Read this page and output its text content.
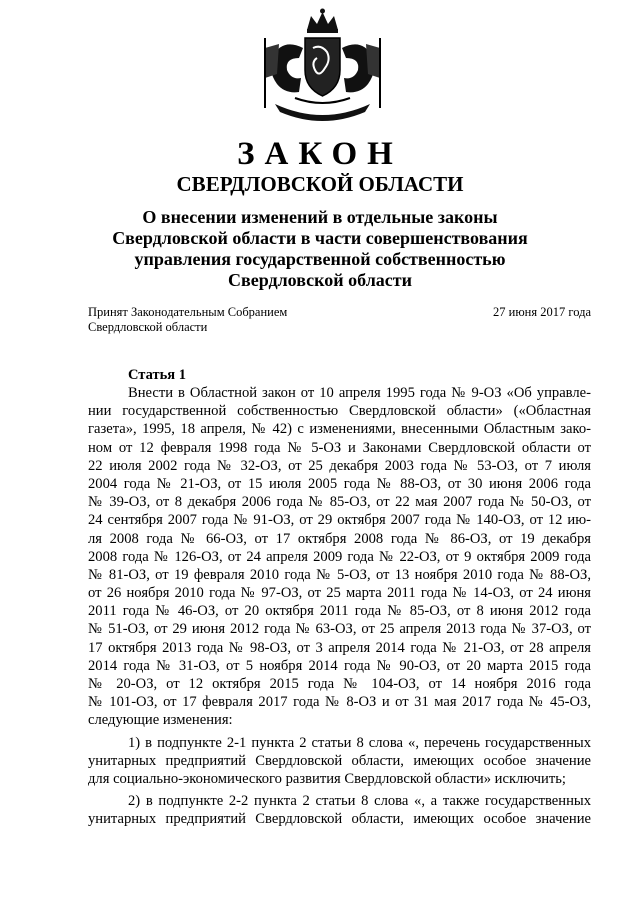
ЗАКОН
СВЕРДЛОВСКОЙ ОБЛАСТИ
О внесении изменений в отдельные законы
Свердловской области в части совершенствования
управления государственной собственностью
Свердловской области
Принят Законодательным Собранием
Свердловской области
27 июня 2017 года
Статья 1
Внести в Областной закон от 10 апреля 1995 года № 9-ОЗ «Об управле-
нии государственной собственностью Свердловской области» («Областная
газета», 1995, 18 апреля, № 42) с изменениями, внесенными Областным зако-
ном от 12 февраля 1998 года № 5-ОЗ и Законами Свердловской области от
22 июля 2002 года № 32-ОЗ, от 25 декабря 2003 года № 53-ОЗ, от 7 июля
2004 года № 21-ОЗ, от 15 июля 2005 года № 88-ОЗ, от 30 июня 2006 года
№ 39-ОЗ, от 8 декабря 2006 года № 85-ОЗ, от 22 мая 2007 года № 50-ОЗ, от
24 сентября 2007 года № 91-ОЗ, от 29 октября 2007 года № 140-ОЗ, от 12 ию-
ля 2008 года № 66-ОЗ, от 17 октября 2008 года № 86-ОЗ, от 19 декабря
2008 года № 126-ОЗ, от 24 апреля 2009 года № 22-ОЗ, от 9 октября 2009 года
№ 81-ОЗ, от 19 февраля 2010 года № 5-ОЗ, от 13 ноября 2010 года № 88-ОЗ,
от 26 ноября 2010 года № 97-ОЗ, от 25 марта 2011 года № 14-ОЗ, от 24 июня
2011 года № 46-ОЗ, от 20 октября 2011 года № 85-ОЗ, от 8 июня 2012 года
№ 51-ОЗ, от 29 июня 2012 года № 63-ОЗ, от 25 апреля 2013 года № 37-ОЗ, от
17 октября 2013 года № 98-ОЗ, от 3 апреля 2014 года № 21-ОЗ, от 28 апреля
2014 года № 31-ОЗ, от 5 ноября 2014 года № 90-ОЗ, от 20 марта 2015 года
№ 20-ОЗ, от 12 октября 2015 года № 104-ОЗ, от 14 ноября 2016 года
№ 101-ОЗ, от 17 февраля 2017 года № 8-ОЗ и от 31 мая 2017 года № 45-ОЗ,
следующие изменения:
1) в подпункте 2-1 пункта 2 статьи 8 слова «, перечень государственных
унитарных предприятий Свердловской области, имеющих особое значение
для социально-экономического развития Свердловской области» исключить;
2) в подпункте 2-2 пункта 2 статьи 8 слова «, а также государственных
унитарных предприятий Свердловской области, имеющих особое значение
